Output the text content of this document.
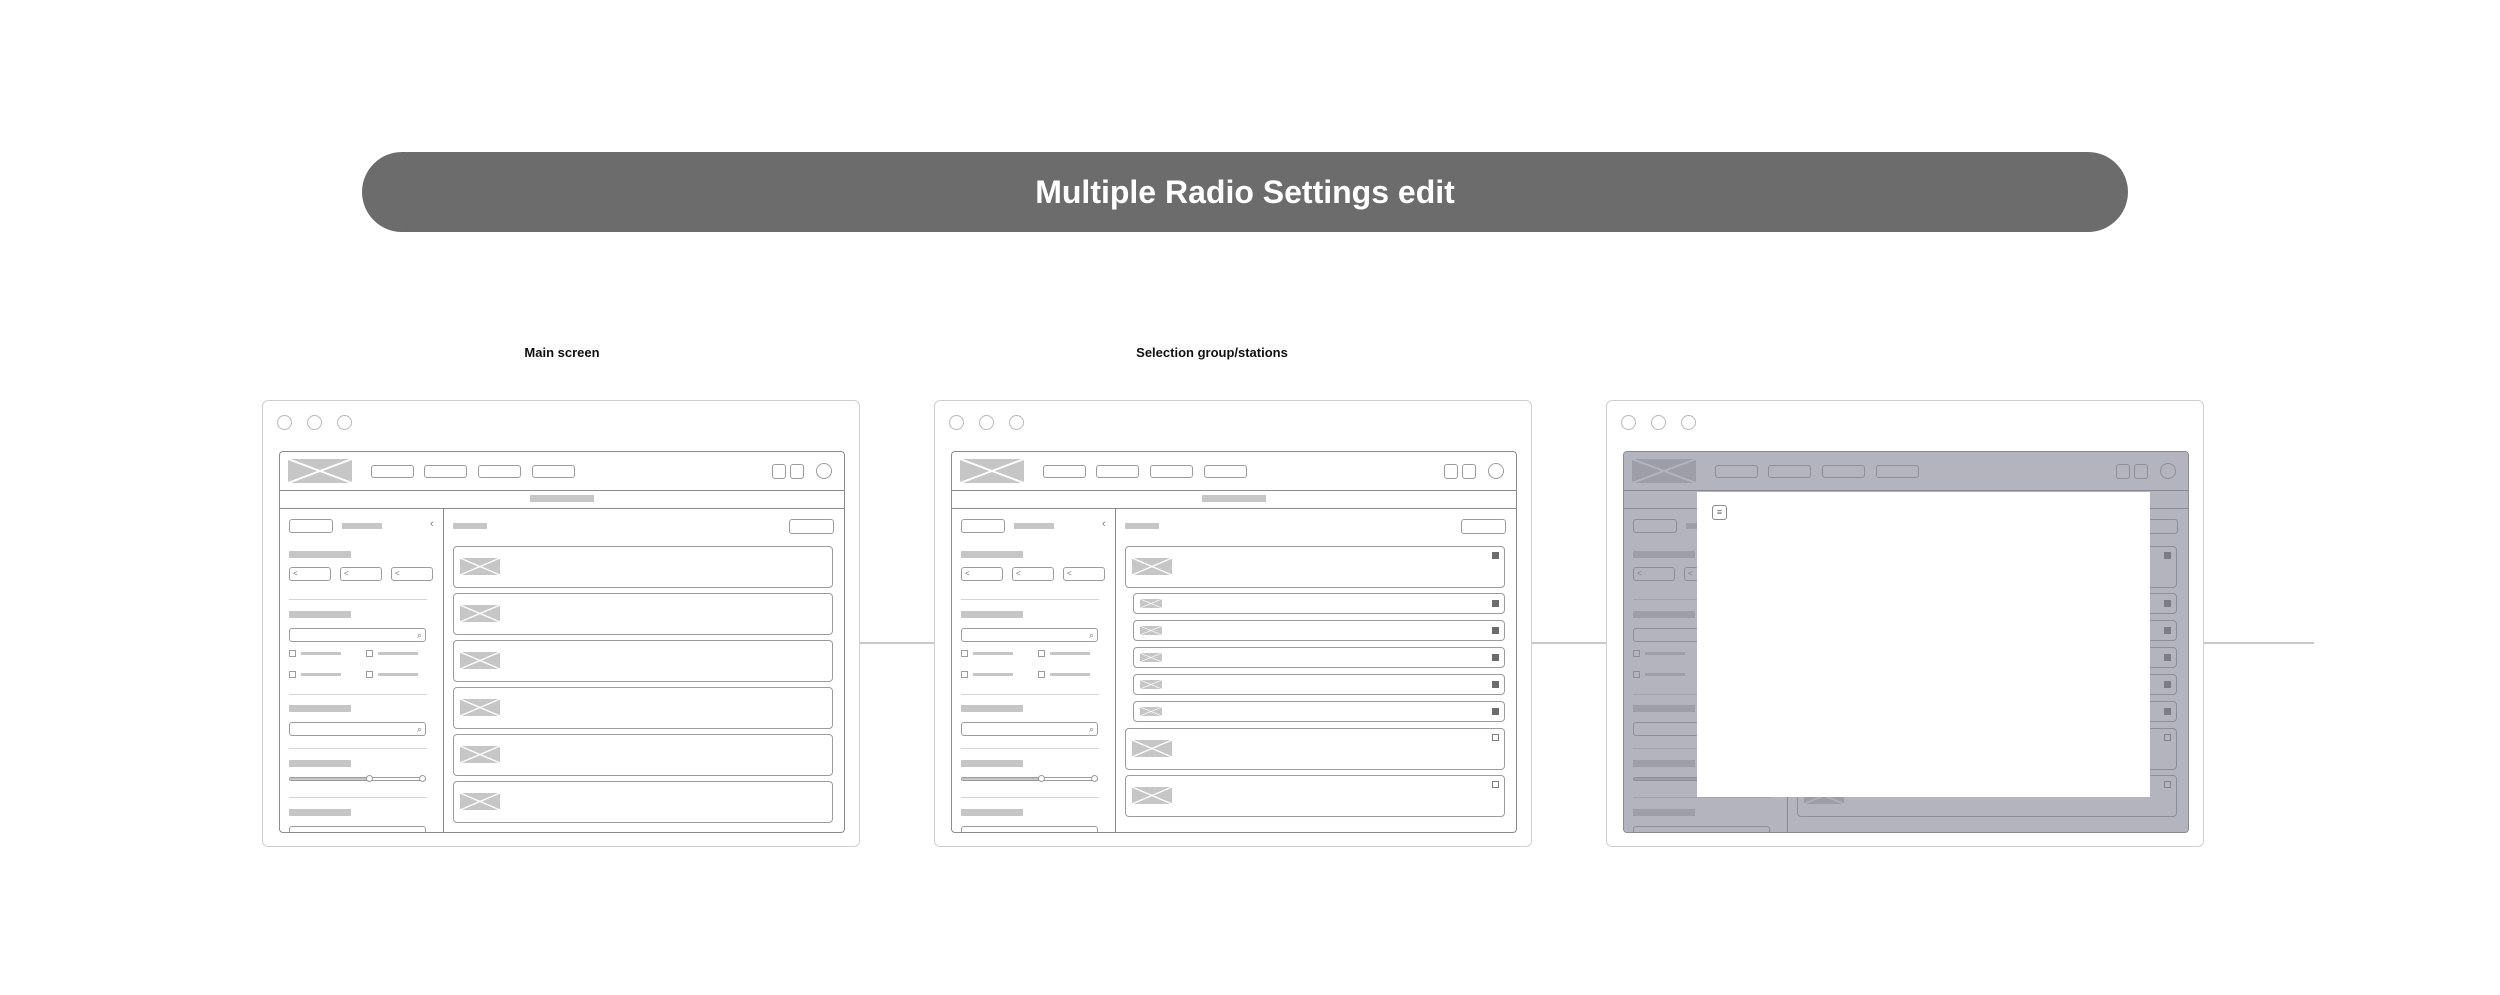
Multiple Radio Settings edit
Main screen	Selection group/stations
‹
<	<	<
⌕
⌕
‹
<	<	<
⌕
⌕
≡
